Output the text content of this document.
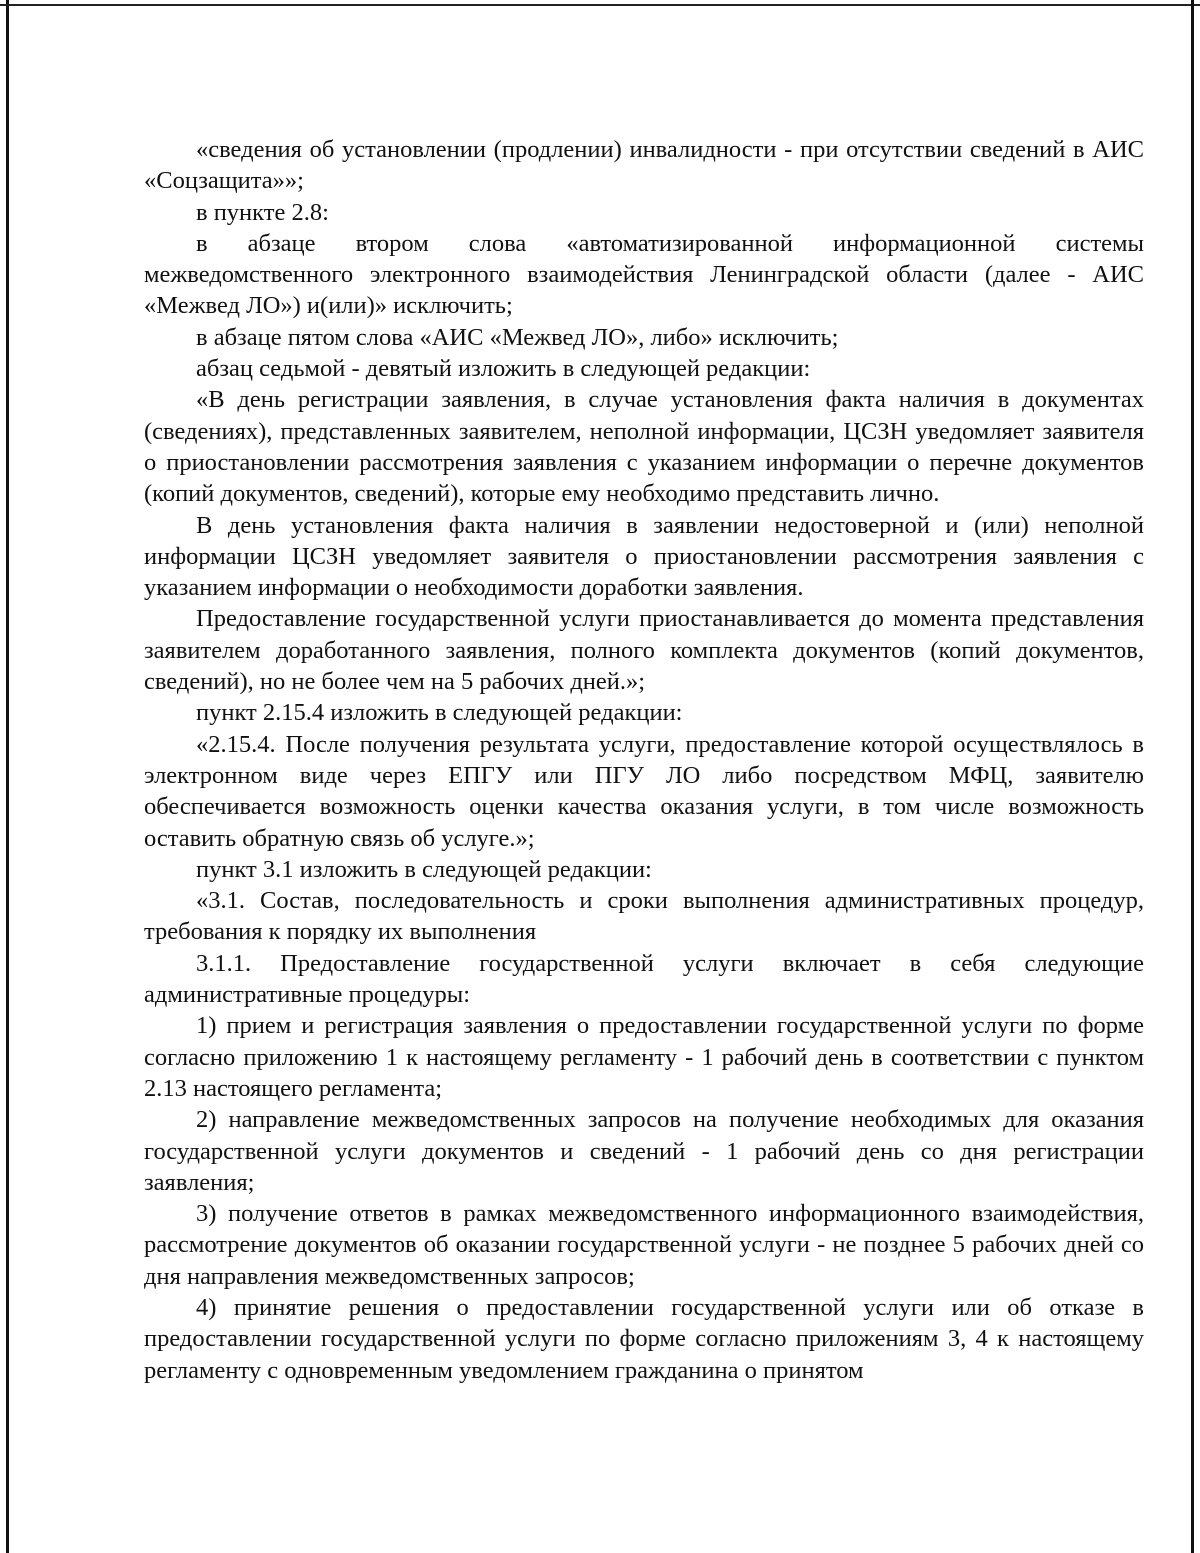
«сведения об установлении (продлении) инвалидности - при отсутствии сведений в АИС «Соцзащита»»;

в пункте 2.8:

в абзаце втором слова «автоматизированной информационной системы межведомственного электронного взаимодействия Ленинградской области (далее - АИС «Межвед ЛО») и(или)» исключить;

в абзаце пятом слова «АИС «Межвед ЛО», либо» исключить;

абзац седьмой - девятый изложить в следующей редакции:

«В день регистрации заявления, в случае установления факта наличия в документах (сведениях), представленных заявителем, неполной информации, ЦСЗН уведомляет заявителя о приостановлении рассмотрения заявления с указанием информации о перечне документов (копий документов, сведений), которые ему необходимо представить лично.

В день установления факта наличия в заявлении недостоверной и (или) неполной информации ЦСЗН уведомляет заявителя о приостановлении рассмотрения заявления с указанием информации о необходимости доработки заявления.

Предоставление государственной услуги приостанавливается до момента представления заявителем доработанного заявления, полного комплекта документов (копий документов, сведений), но не более чем на 5 рабочих дней.»;

пункт 2.15.4 изложить в следующей редакции:

«2.15.4. После получения результата услуги, предоставление которой осуществлялось в электронном виде через ЕПГУ или ПГУ ЛО либо посредством МФЦ, заявителю обеспечивается возможность оценки качества оказания услуги, в том числе возможность оставить обратную связь об услуге.»;

пункт 3.1 изложить в следующей редакции:

«3.1. Состав, последовательность и сроки выполнения административных процедур, требования к порядку их выполнения

3.1.1. Предоставление государственной услуги включает в себя следующие административные процедуры:

1) прием и регистрация заявления о предоставлении государственной услуги по форме согласно приложению 1 к настоящему регламенту - 1 рабочий день в соответствии с пунктом 2.13 настоящего регламента;

2) направление межведомственных запросов на получение необходимых для оказания государственной услуги документов и сведений - 1 рабочий день со дня регистрации заявления;

3) получение ответов в рамках межведомственного информационного взаимодействия, рассмотрение документов об оказании государственной услуги - не позднее 5 рабочих дней со дня направления межведомственных запросов;

4) принятие решения о предоставлении государственной услуги или об отказе в предоставлении государственной услуги по форме согласно приложениям 3, 4 к настоящему регламенту с одновременным уведомлением гражданина о принятом
